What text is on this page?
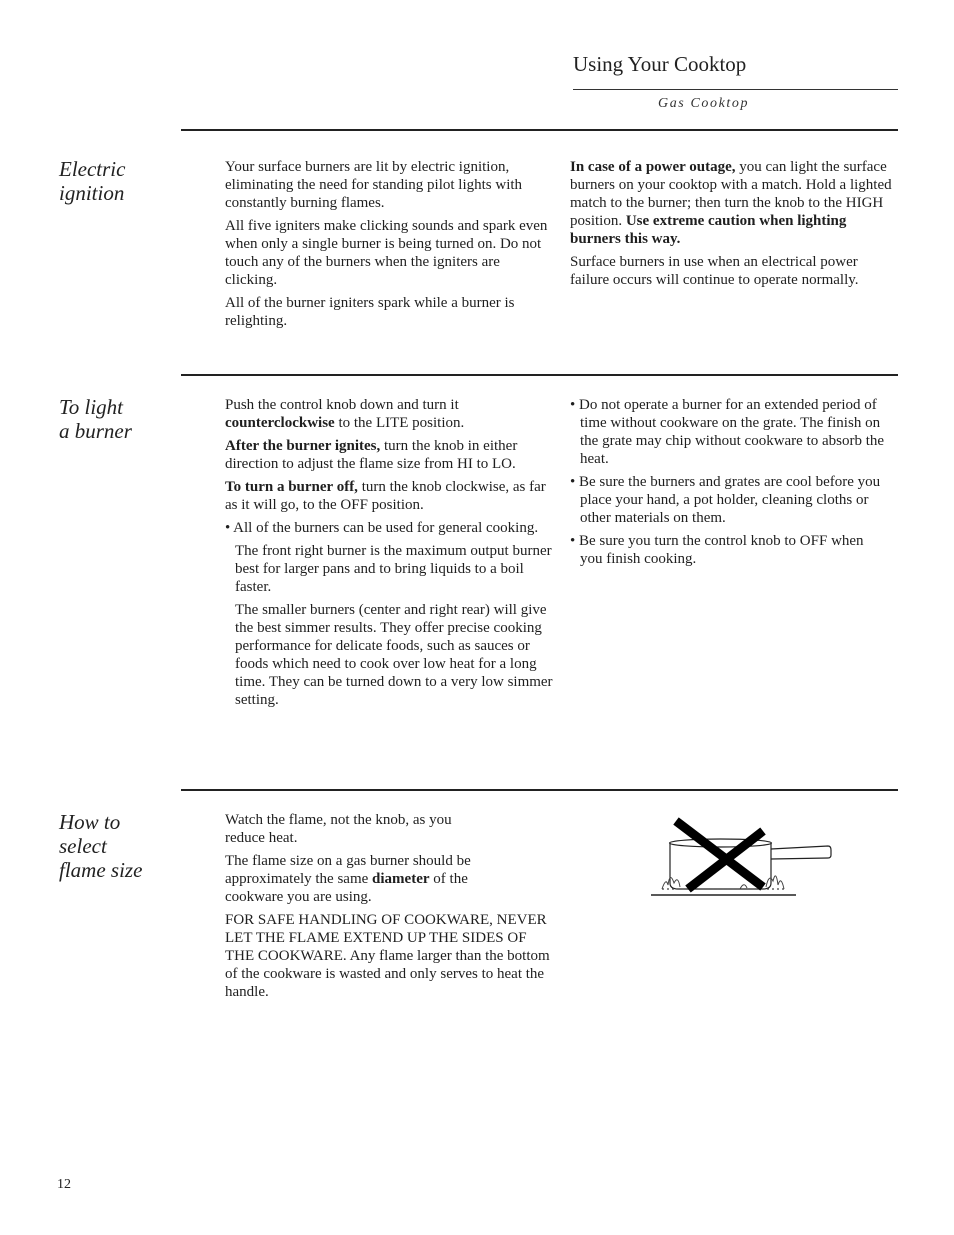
Using Your Cooktop
Gas Cooktop
Electric
ignition

Your surface burners are lit by electric ignition, eliminating the need for standing pilot lights with constantly burning flames.

All five igniters make clicking sounds and spark even when only a single burner is being turned on. Do not touch any of the burners when the igniters are clicking.

All of the burner igniters spark while a burner is relighting.

In case of a power outage, you can light the surface burners on your cooktop with a match. Hold a lighted match to the burner; then turn the knob to the HIGH position. Use extreme caution when lighting burners this way.

Surface burners in use when an electrical power failure occurs will continue to operate normally.

To light
a burner

Push the control knob down and turn it counterclockwise to the LITE position.

After the burner ignites, turn the knob in either direction to adjust the flame size from HI to LO.

To turn a burner off, turn the knob clockwise, as far as it will go, to the OFF position.

• All of the burners can be used for general cooking.

The front right burner is the maximum output burner best for larger pans and to bring liquids to a boil faster.

The smaller burners (center and right rear) will give the best simmer results. They offer precise cooking performance for delicate foods, such as sauces or foods which need to cook over low heat for a long time. They can be turned down to a very low simmer setting.

• Do not operate a burner for an extended period of time without cookware on the grate. The finish on the grate may chip without cookware to absorb the heat.

• Be sure the burners and grates are cool before you place your hand, a pot holder, cleaning cloths or other materials on them.

• Be sure you turn the control knob to OFF when you finish cooking.

How to
select
flame size

Watch the flame, not the knob, as you reduce heat.

The flame size on a gas burner should be approximately the same diameter of the cookware you are using.

FOR SAFE HANDLING OF COOKWARE, NEVER LET THE FLAME EXTEND UP THE SIDES OF THE COOKWARE. Any flame larger than the bottom of the cookware is wasted and only serves to heat the handle.

12
